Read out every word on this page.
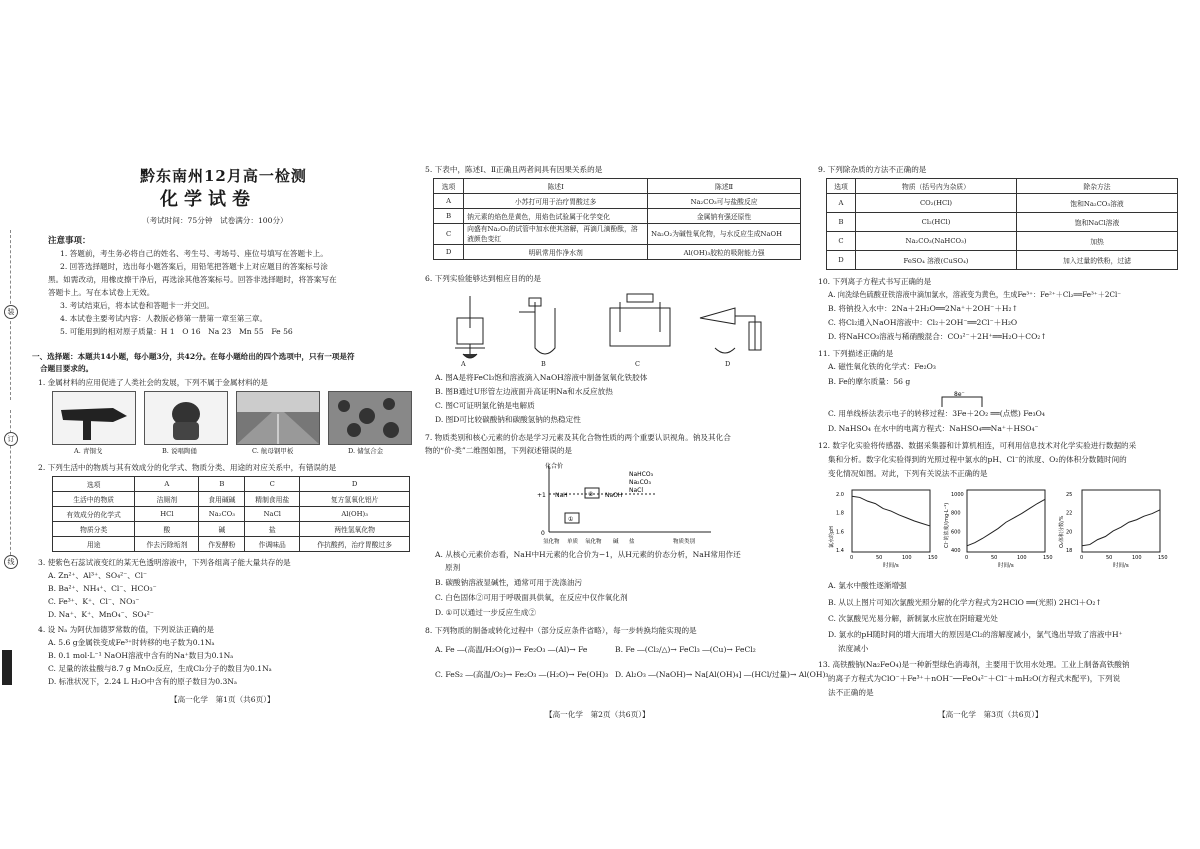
装
订
线
黔东南州12月高一检测
化学试卷
（考试时间：75分钟　试卷满分：100分）
注意事项：
1. 答题前，考生务必将自己的姓名、考生号、考场号、座位号填写在答题卡上。
2. 回答选择题时，选出每小题答案后，用铅笔把答题卡上对应题目的答案标号涂
黑。如需改动，用橡皮擦干净后，再选涂其他答案标号。回答非选择题时，将答案写在
答题卡上。写在本试卷上无效。
3. 考试结束后，将本试卷和答题卡一并交回。
4. 本试卷主要考试内容：人教版必修第一册第一章至第三章。
5. 可能用到的相对原子质量：H 1　O 16　Na 23　Mn 55　Fe 56
一、选择题：本题共14小题，每小题3分，共42分。在每小题给出的四个选项中，只有一项是符
合题目要求的。
1. 金属材料的应用促进了人类社会的发展，下列不属于金属材料的是
A. 青铜戈	B. 说唱陶俑	C. 航母钢甲板	D. 储氢合金
2. 下列生活中的物质与其有效成分的化学式、物质分类、用途的对应关系中，有错误的是
选项	A	B	C	D
生活中的物质	洁厕剂	食用碱碱	精制食用盐	复方氢氧化铝片
有效成分的化学式	HCl	Na₂CO₃	NaCl	Al(OH)₃
物质分类	酸	碱	盐	两性氢氧化物
用途	作去污除垢剂	作发酵粉	作调味品	作抗酸药，治疗胃酸过多
3. 使紫色石蕊试液变红的某无色透明溶液中，下列各组离子能大量共存的是
A. Zn²⁺、Al³⁺、SO₄²⁻、Cl⁻
B. Ba²⁺、NH₄⁺、Cl⁻、HCO₃⁻
C. Fe³⁺、K⁺、Cl⁻、NO₃⁻
D. Na⁺、K⁺、MnO₄⁻、SO₄²⁻
4. 设 Nₐ 为阿伏加德罗常数的值，下列说法正确的是
A. 5.6 g金属铁变成Fe³⁺时转移的电子数为0.1Nₐ
B. 0.1 mol·L⁻¹ NaOH溶液中含有的Na⁺数目为0.1Nₐ
C. 足量的浓盐酸与8.7 g MnO₂反应，生成Cl₂分子的数目为0.1Nₐ
D. 标准状况下，2.24 L H₂O中含有的原子数目为0.3Nₐ
【高一化学　第1页（共6页）】
5. 下表中，陈述Ⅰ、Ⅱ正确且两者间具有因果关系的是
选项	陈述Ⅰ	陈述Ⅱ
A	小苏打可用于治疗胃酸过多	Na₂CO₃可与盐酸反应
B	钠元素的焰色是黄色，用焰色试验属于化学变化	金属钠有强还原性
C	向盛有Na₂O₂的试管中加水使其溶解，再滴几滴酚酞，溶液颜色变红	Na₂O₂为碱性氧化物，与水反应生成NaOH
D	明矾常用作净水剂	Al(OH)₃胶粒的吸附能力强
6. 下列实验能够达到相应目的的是
A	B	C	D
A. 图A是将FeCl₃饱和溶液滴入NaOH溶液中制备氢氧化铁胶体
B. 图B通过U形管左边液面升高证明Na和水反应放热
C. 图C可证明氯化钠是电解质
D. 图D可比较碳酸钠和碳酸氢钠的热稳定性
7. 物质类别和核心元素的价态是学习元素及其化合物性质的两个重要认识视角。钠及其化合
物的“价-类”二维图如图，下列叙述错误的是
化合价
+1
0
NaH	② NaOH
NaHCO₃
Na₂CO₃
NaCl
①
氢化物 单质 氧化物 碱 盐	物质类别
A. 从核心元素价态看，NaH中H元素的化合价为−1，从H元素的价态分析，NaH常用作还
原剂
B. 碳酸钠溶液显碱性，通常可用于洗涤油污
C. 白色固体②可用于呼吸面具供氧，在反应中仅作氧化剂
D. ①可以通过一步反应生成②
8. 下列物质的制备或转化过程中（部分反应条件省略），每一步转换均能实现的是
A. Fe ―(高温/H₂O(g))→ Fe₂O₃ ―(Al)→ Fe	B. Fe ―(Cl₂/△)→ FeCl₃ ―(Cu)→ FeCl₂
C. FeS₂ ―(高温/O₂)→ Fe₂O₃ ―(H₂O)→ Fe(OH)₃ D. Al₂O₃ ―(NaOH)→ Na[Al(OH)₄] ―(HCl/过量)→ Al(OH)₃
【高一化学　第2页（共6页）】
9. 下列除杂质的方法不正确的是
选项	物质（括号内为杂质）	除杂方法
A	CO₂(HCl)	饱和Na₂CO₃溶液
B	Cl₂(HCl)	饱和NaCl溶液
C	Na₂CO₃(NaHCO₃)	加热
D	FeSO₄ 溶液(CuSO₄)	加入过量的铁粉，过滤
10. 下列离子方程式书写正确的是
A. 向洗绿色硫酸亚铁溶液中滴加氯水，溶液变为黄色，生成Fe³⁺：Fe²⁺＋Cl₂══Fe³⁺＋2Cl⁻
B. 将钠投入水中：2Na＋2H₂O══2Na⁺＋2OH⁻＋H₂↑
C. 将Cl₂通入NaOH溶液中：Cl₂＋2OH⁻══2Cl⁻＋H₂O
D. 将NaHCO₃溶液与稀硝酸混合：CO₃²⁻＋2H⁺══H₂O＋CO₂↑
11. 下列描述正确的是
A. 磁性氧化铁的化学式：Fe₂O₃
B. Fe的摩尔质量：56 g
8e⁻
C. 用单线桥法表示电子的转移过程：3Fe＋2O₂ ══(点燃) Fe₃O₄
D. NaHSO₄ 在水中的电离方程式：NaHSO₄══Na⁺＋HSO₄⁻
12. 数字化实验将传感器、数据采集器和计算机相连，可利用信息技术对化学实验进行数据的采
集和分析。数字化实验得到的光照过程中氯水的pH、Cl⁻的浓度、O₂的体积分数随时间的
变化情况如图。对此，下列有关说法不正确的是
2.0
1.8
1.6
1.4
0	50	100	150
时间/s
氯水的pH
1000
800
600
400
0	50	100	150
时间/s
Cl⁻的浓度/(mg·L⁻¹)
25
22
20
18
0	50	100	150
时间/s
O₂体积分数/%
A. 氯水中酸性逐渐增强
B. 从以上图片可知次氯酸光照分解的化学方程式为2HClO ══(光照) 2HCl＋O₂↑
C. 次氯酸见光易分解，新制氯水应放在阴暗避光处
D. 氯水的pH随时间的增大而增大的原因是Cl₂的溶解度减小，氯气逸出导致了溶液中H⁺
浓度减小
13. 高铁酸钠(Na₂FeO₄)是一种新型绿色消毒剂，主要用于饮用水处理。工业上制备高铁酸钠
的离子方程式为ClO⁻＋Fe³⁺＋nOH⁻──FeO₄²⁻＋Cl⁻＋mH₂O(方程式未配平)，下列说
法不正确的是
【高一化学　第3页（共6页）】
